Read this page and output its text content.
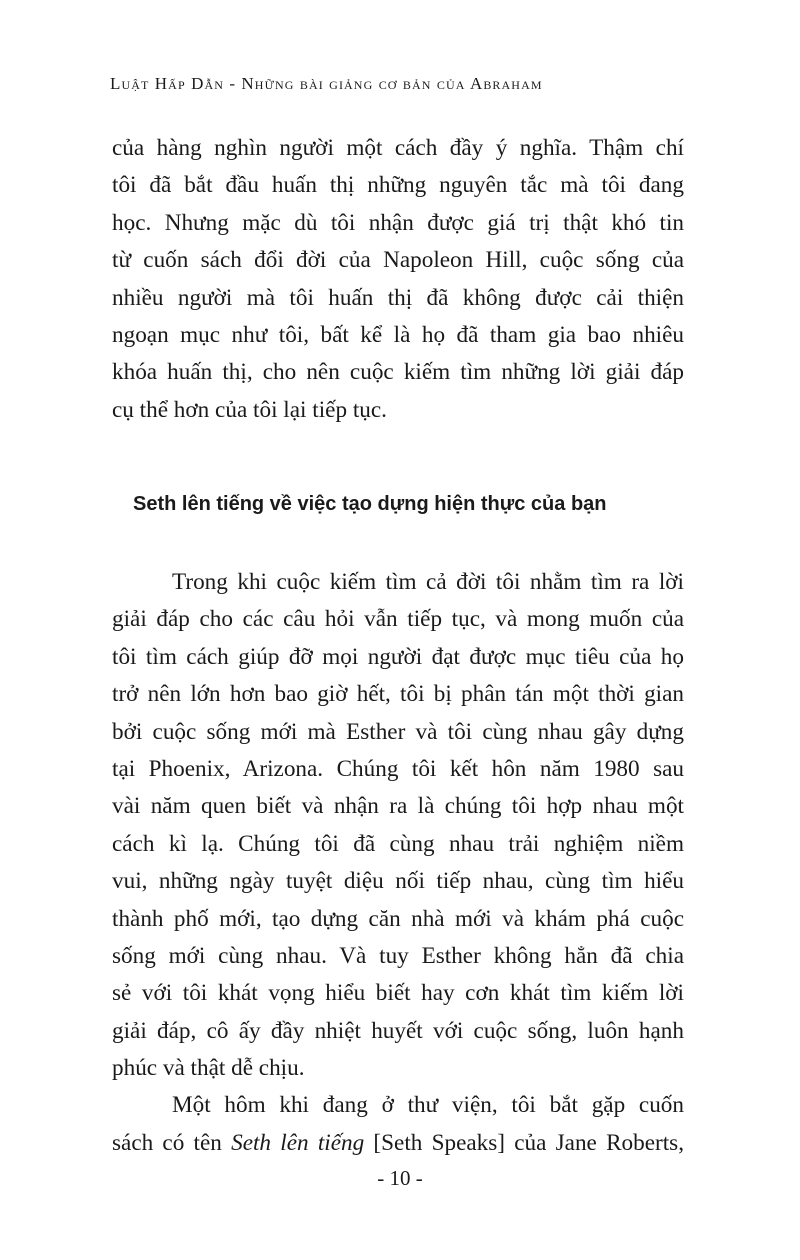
Luật Hấp Dẫn - Những bài giảng cơ bản của Abraham
của hàng nghìn người một cách đầy ý nghĩa. Thậm chí
tôi đã bắt đầu huấn thị những nguyên tắc mà tôi đang
học. Nhưng mặc dù tôi nhận được giá trị thật khó tin
từ cuốn sách đổi đời của Napoleon Hill, cuộc sống của
nhiều người mà tôi huấn thị đã không được cải thiện
ngoạn mục như tôi, bất kể là họ đã tham gia bao nhiêu
khóa huấn thị, cho nên cuộc kiếm tìm những lời giải đáp
cụ thể hơn của tôi lại tiếp tục.
Seth lên tiếng về việc tạo dựng hiện thực của bạn
Trong khi cuộc kiếm tìm cả đời tôi nhằm tìm ra lời
giải đáp cho các câu hỏi vẫn tiếp tục, và mong muốn của
tôi tìm cách giúp đỡ mọi người đạt được mục tiêu của họ
trở nên lớn hơn bao giờ hết, tôi bị phân tán một thời gian
bởi cuộc sống mới mà Esther và tôi cùng nhau gây dựng
tại Phoenix, Arizona. Chúng tôi kết hôn năm 1980 sau
vài năm quen biết và nhận ra là chúng tôi hợp nhau một
cách kì lạ. Chúng tôi đã cùng nhau trải nghiệm niềm
vui, những ngày tuyệt diệu nối tiếp nhau, cùng tìm hiểu
thành phố mới, tạo dựng căn nhà mới và khám phá cuộc
sống mới cùng nhau. Và tuy Esther không hẳn đã chia
sẻ với tôi khát vọng hiểu biết hay cơn khát tìm kiếm lời
giải đáp, cô ấy đầy nhiệt huyết với cuộc sống, luôn hạnh
phúc và thật dễ chịu.
Một hôm khi đang ở thư viện, tôi bắt gặp cuốn
sách có tên Seth lên tiếng [Seth Speaks] của Jane Roberts,
- 10 -
